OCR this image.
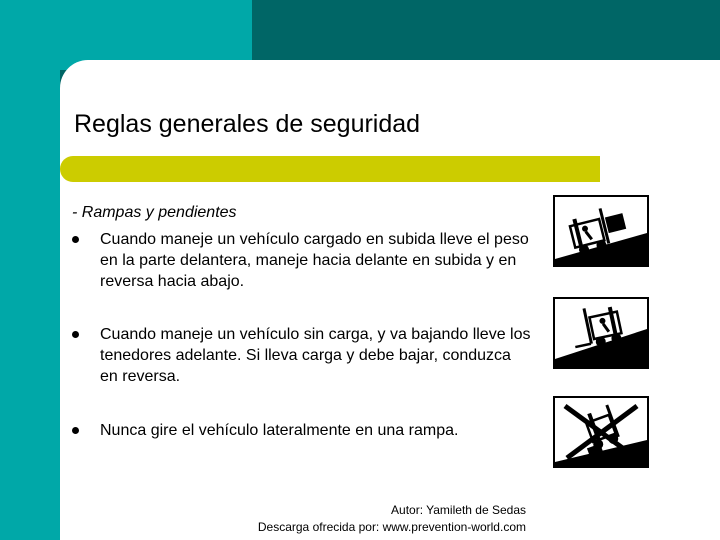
Reglas generales de seguridad
- Rampas y pendientes
Cuando maneje un vehículo cargado en subida lleve el peso en la parte delantera, maneje hacia delante en subida y en reversa hacia abajo.
Cuando maneje un vehículo sin carga, y va bajando lleve los tenedores adelante. Si lleva carga y debe bajar, conduzca en reversa.
Nunca gire el vehículo lateralmente en una rampa.
Autor: Yamileth de Sedas
Descarga ofrecida por: www.prevention-world.com
